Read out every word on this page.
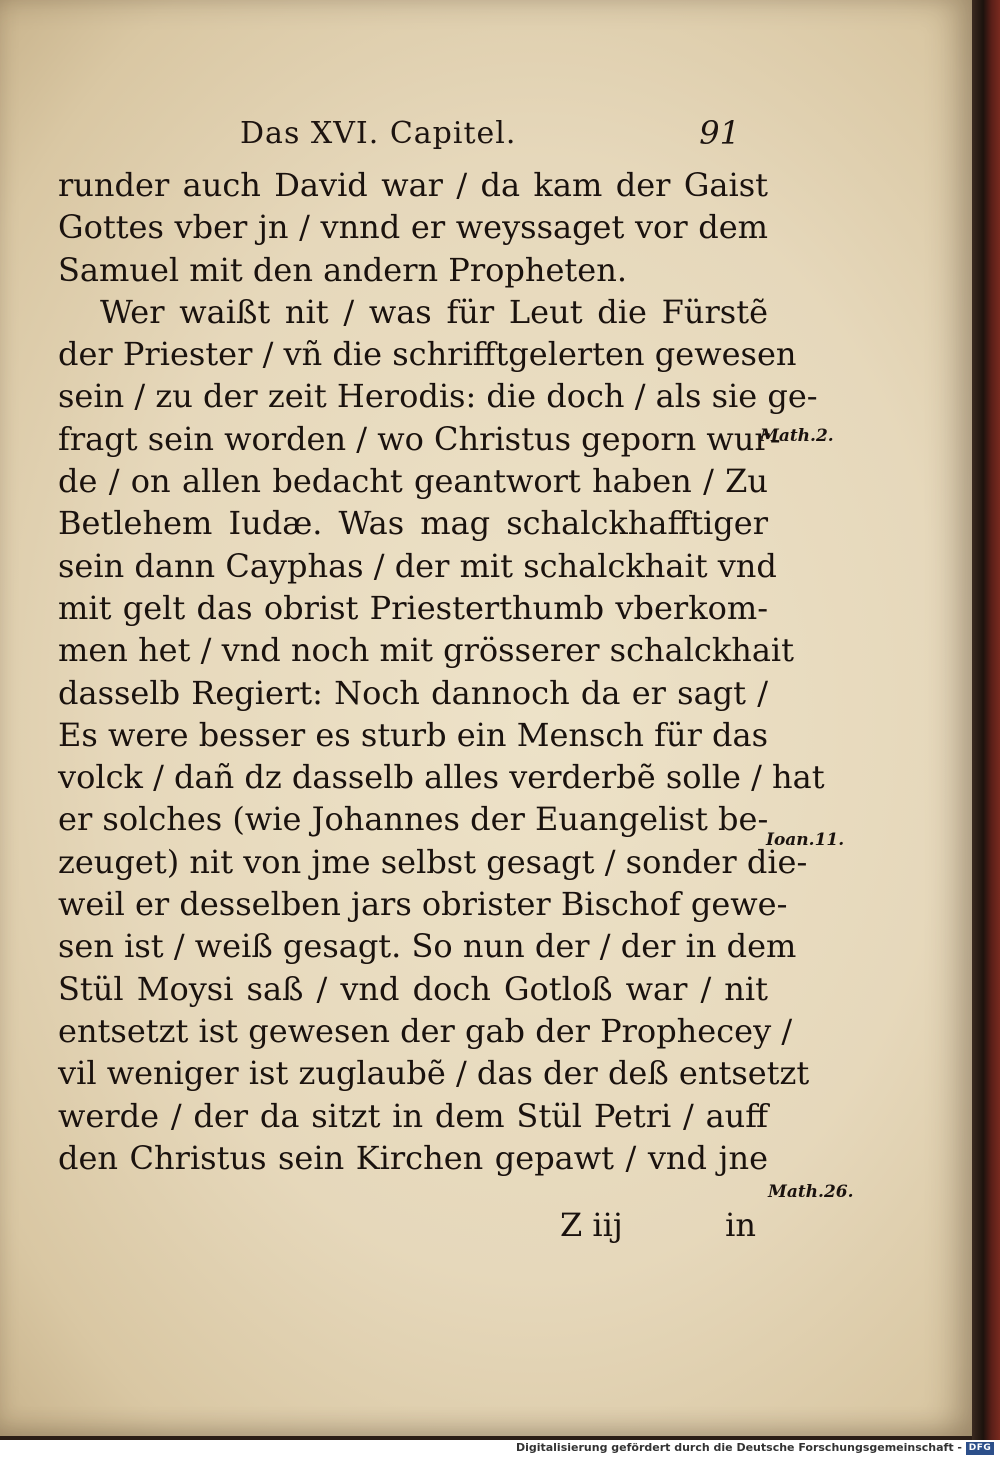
Das XVI. Capitel.	91
runder auch David war / da kam der Gaist
Gottes vber jn / vnnd er weyssaget vor dem
Samuel mit den andern Propheten.
Wer waißt nit / was für Leut die Fürstẽ
der Priester / vñ die schrifftgelerten gewesen
sein / zu der zeit Herodis: die doch / als sie ge-
fragt sein worden / wo Christus geporn wur-
de / on allen bedacht geantwort haben / Zu
Betlehem Iudæ. Was mag schalckhafftiger
sein dann Cayphas / der mit schalckhait vnd
mit gelt das obrist Priesterthumb vberkom-
men het / vnd noch mit grösserer schalckhait
dasselb Regiert: Noch dannoch da er sagt /
Es were besser es sturb ein Mensch für das
volck / dañ dz dasselb alles verderbẽ solle / hat
er solches (wie Johannes der Euangelist be-
zeuget) nit von jme selbst gesagt / sonder die-
weil er desselben jars obrister Bischof gewe-
sen ist / weiß gesagt. So nun der / der in dem
Stül Moysi saß / vnd doch Gotloß war / nit
entsetzt ist gewesen der gab der Prophecey /
vil weniger ist zuglaubẽ / das der deß entsetzt
werde / der da sitzt in dem Stül Petri / auff
den Christus sein Kirchen gepawt / vnd jne
Math.2.
Ioan.11.
Math.26.
Z iij	in
Digitalisierung gefördert durch die Deutsche Forschungsgemeinschaft - DFG
